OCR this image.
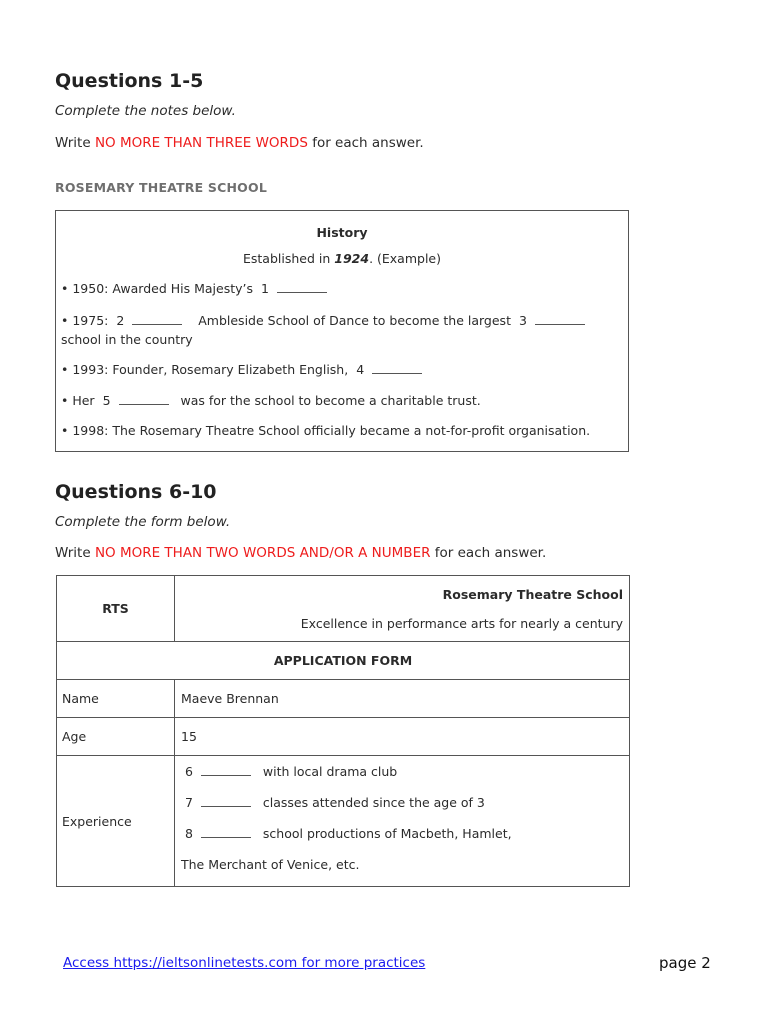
Questions 1-5
Complete the notes below.
Write NO MORE THAN THREE WORDS for each answer.
ROSEMARY THEATRE SCHOOL
History
Established in 1924. (Example)
• 1950: Awarded His Majesty’s 1
• 1975: 2	Ambleside School of Dance to become the largest 3
school in the country
• 1993: Founder, Rosemary Elizabeth English, 4
• Her 5	was for the school to become a charitable trust.
• 1998: The Rosemary Theatre School officially became a not-for-profit organisation.
Questions 6-10
Complete the form below.
Write NO MORE THAN TWO WORDS AND/OR A NUMBER for each answer.
RTS	Rosemary Theatre School
Excellence in performance arts for nearly a century

APPLICATION FORM	
Name	Maeve Brennan
Age	15
Experience	6 with local drama club
7 classes attended since the age of 3
8 school productions of Macbeth, Hamlet,
The Merchant of Venice, etc.
Access https://ieltsonlinetests.com for more practices	page 2
